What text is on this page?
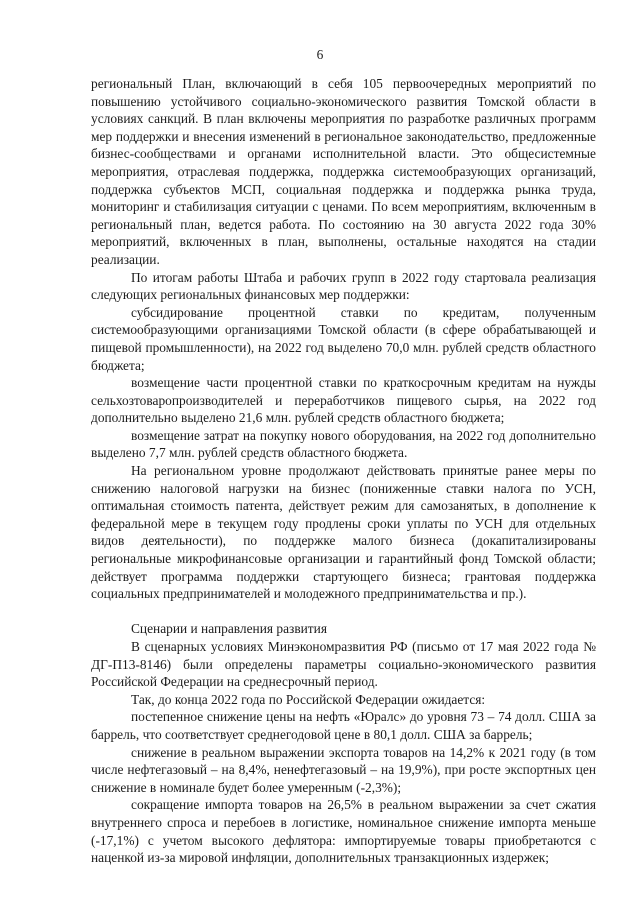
6

региональный План, включающий в себя 105 первоочередных мероприятий по повышению устойчивого социально-экономического развития Томской области в условиях санкций. В план включены мероприятия по разработке различных программ мер поддержки и внесения изменений в региональное законодательство, предложенные бизнес-сообществами и органами исполнительной власти. Это общесистемные мероприятия, отраслевая поддержка, поддержка системообразующих организаций, поддержка субъектов МСП, социальная поддержка и поддержка рынка труда, мониторинг и стабилизация ситуации с ценами. По всем мероприятиям, включенным в региональный план, ведется работа. По состоянию на 30 августа 2022 года 30% мероприятий, включенных в план, выполнены, остальные находятся на стадии реализации.

По итогам работы Штаба и рабочих групп в 2022 году стартовала реализация следующих региональных финансовых мер поддержки:

субсидирование процентной ставки по кредитам, полученным системообразующими организациями Томской области (в сфере обрабатывающей и пищевой промышленности), на 2022 год выделено 70,0 млн. рублей средств областного бюджета;

возмещение части процентной ставки по краткосрочным кредитам на нужды сельхозтоваропроизводителей и переработчиков пищевого сырья, на 2022 год дополнительно выделено 21,6 млн. рублей средств областного бюджета;

возмещение затрат на покупку нового оборудования, на 2022 год дополнительно выделено 7,7 млн. рублей средств областного бюджета.

На региональном уровне продолжают действовать принятые ранее меры по снижению налоговой нагрузки на бизнес (пониженные ставки налога по УСН, оптимальная стоимость патента, действует режим для самозанятых, в дополнение к федеральной мере в текущем году продлены сроки уплаты по УСН для отдельных видов деятельности), по поддержке малого бизнеса (докапитализированы региональные микрофинансовые организации и гарантийный фонд Томской области; действует программа поддержки стартующего бизнеса; грантовая поддержка социальных предпринимателей и молодежного предпринимательства и пр.).

Сценарии и направления развития

В сценарных условиях Минэкономразвития РФ (письмо от 17 мая 2022 года № ДГ-П13-8146) были определены параметры социально-экономического развития Российской Федерации на среднесрочный период.

Так, до конца 2022 года по Российской Федерации ожидается:

постепенное снижение цены на нефть «Юралс» до уровня 73 – 74 долл. США за баррель, что соответствует среднегодовой цене в 80,1 долл. США за баррель;

снижение в реальном выражении экспорта товаров на 14,2% к 2021 году (в том числе нефтегазовый – на 8,4%, ненефтегазовый – на 19,9%), при росте экспортных цен снижение в номинале будет более умеренным (-2,3%);

сокращение импорта товаров на 26,5% в реальном выражении за счет сжатия внутреннего спроса и перебоев в логистике, номинальное снижение импорта меньше (-17,1%) с учетом высокого дефлятора: импортируемые товары приобретаются с наценкой из-за мировой инфляции, дополнительных транзакционных издержек;
